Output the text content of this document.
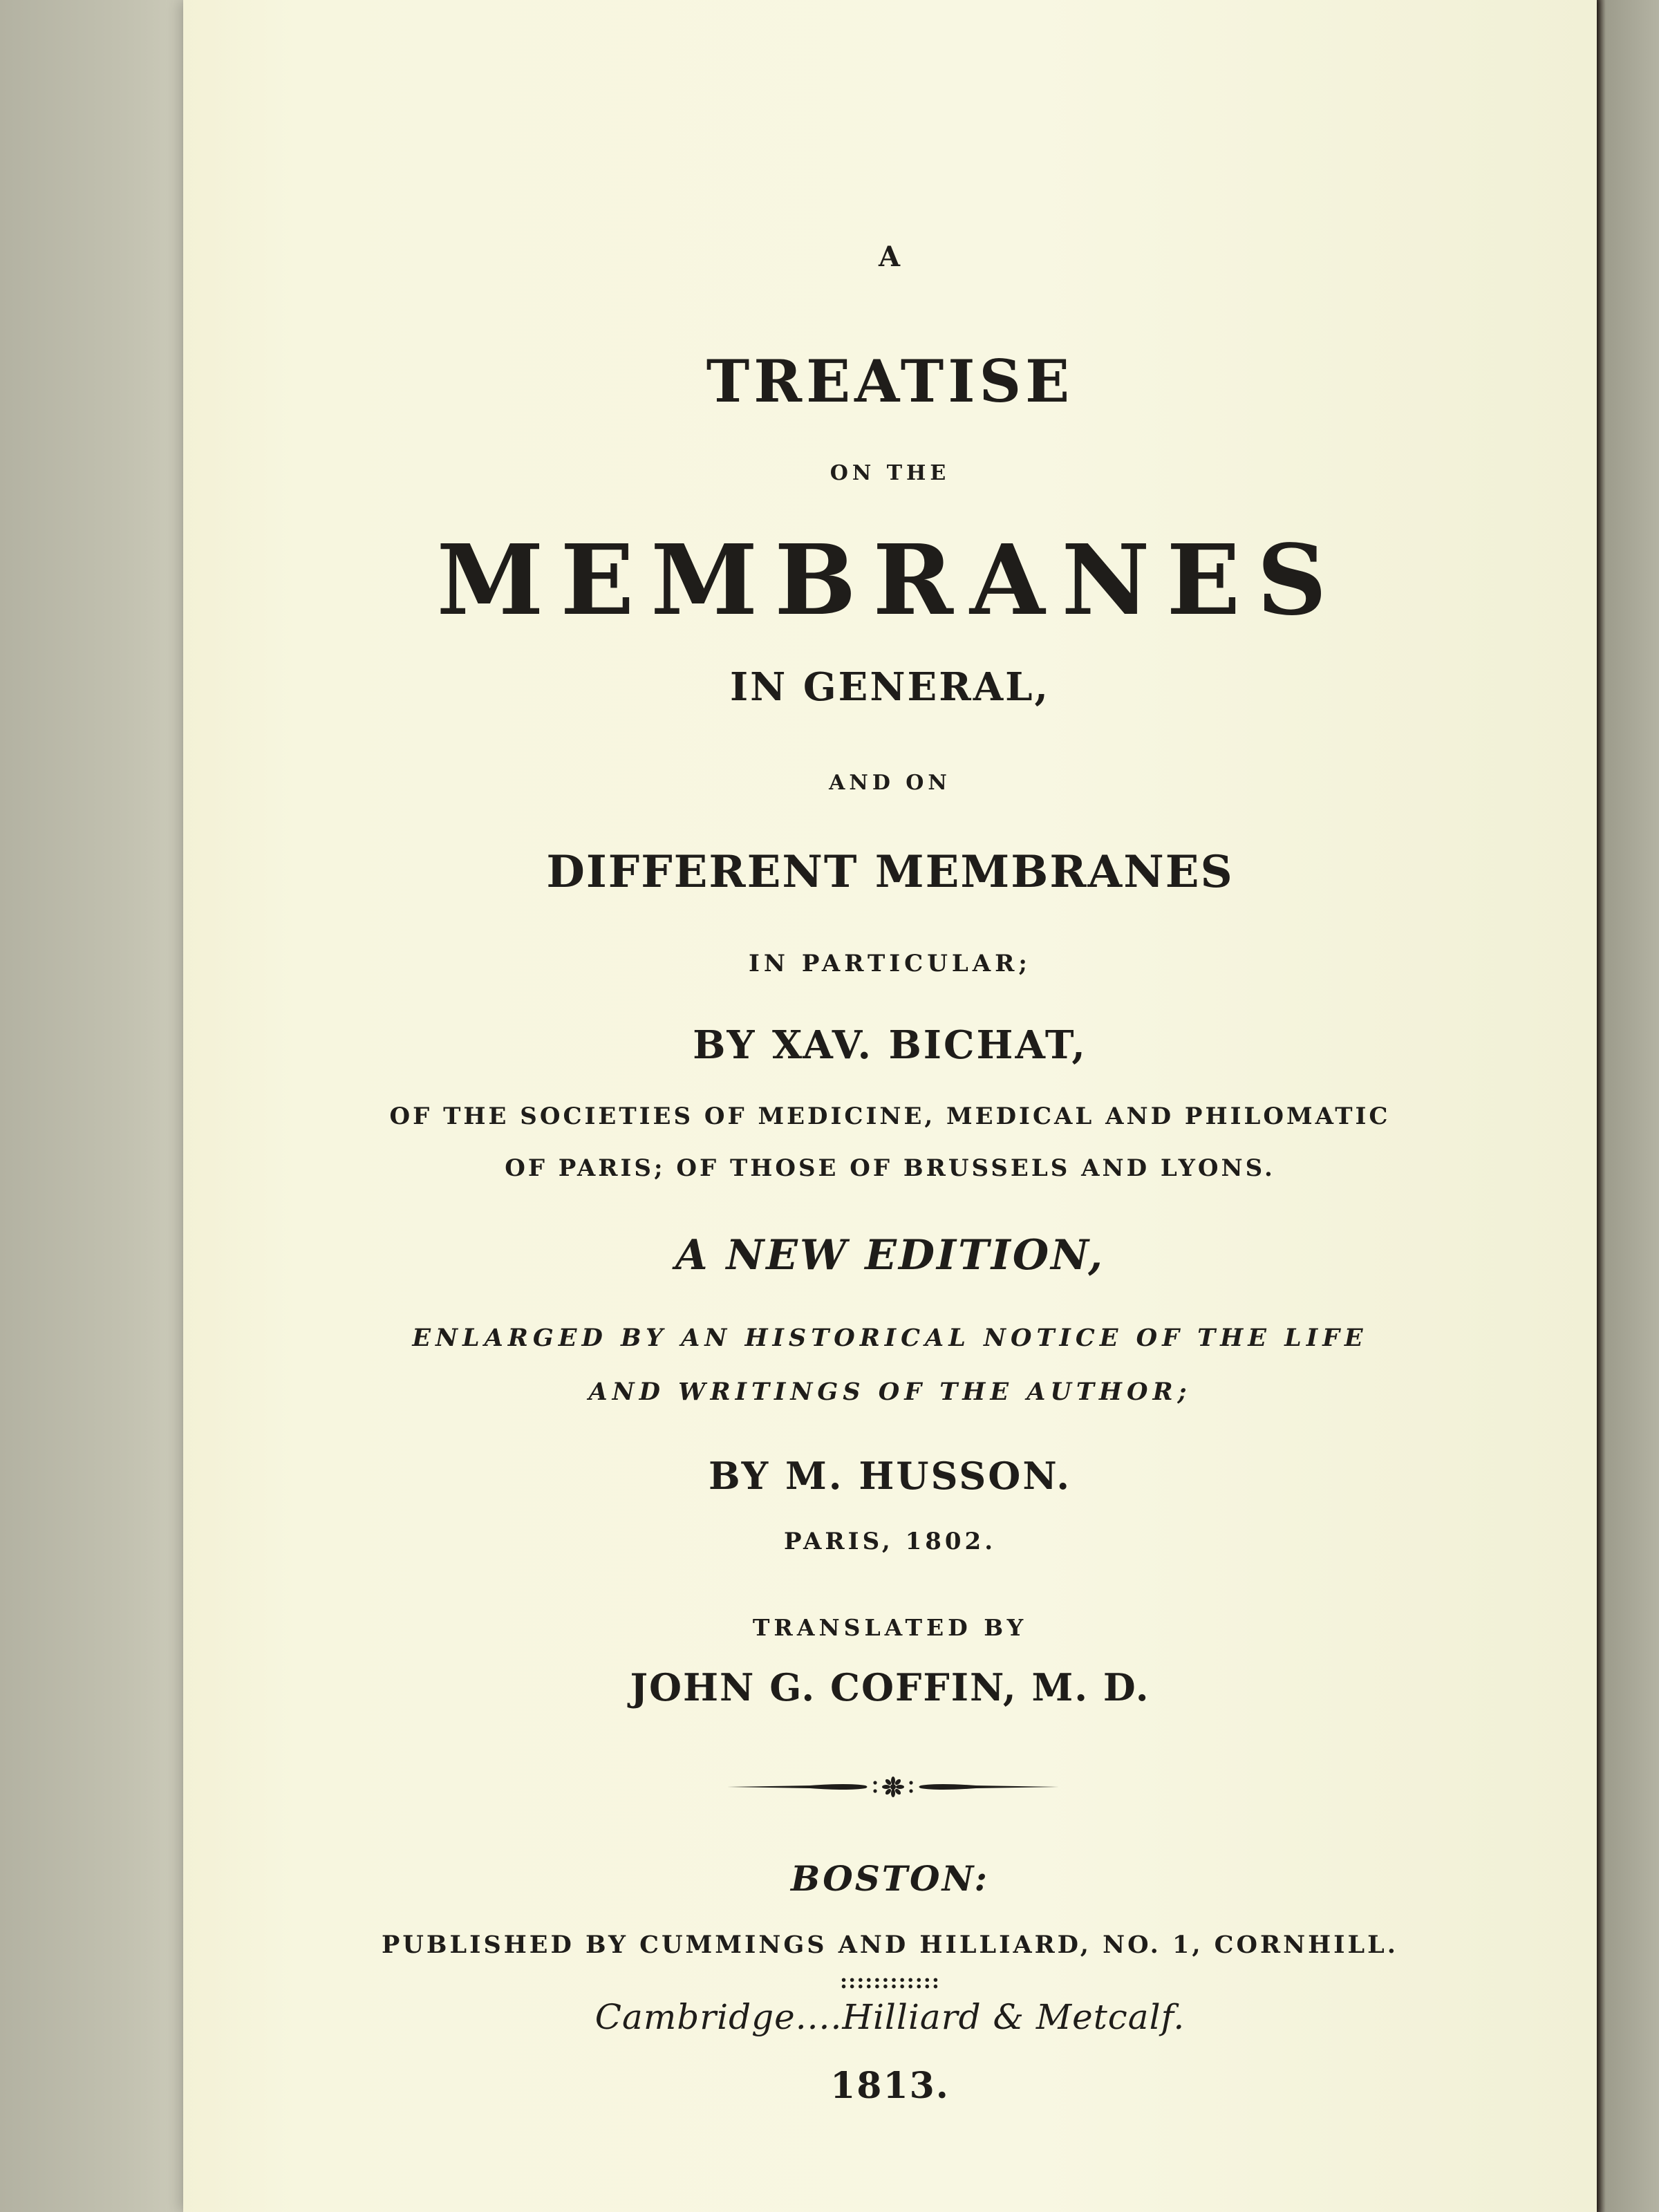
A
TREATISE
ON THE
MEMBRANES
IN GENERAL,
AND ON
DIFFERENT MEMBRANES
IN PARTICULAR;
BY XAV. BICHAT,
OF THE SOCIETIES OF MEDICINE, MEDICAL AND PHILOMATIC
OF PARIS; OF THOSE OF BRUSSELS AND LYONS.
A NEW EDITION,
ENLARGED BY AN HISTORICAL NOTICE OF THE LIFE
AND WRITINGS OF THE AUTHOR;
BY M. HUSSON.
PARIS, 1802.
TRANSLATED BY
JOHN G. COFFIN, M. D.
BOSTON:
PUBLISHED BY CUMMINGS AND HILLIARD, NO. 1, CORNHILL.
::::::::::::
Cambridge....Hilliard & Metcalf.
1813.
